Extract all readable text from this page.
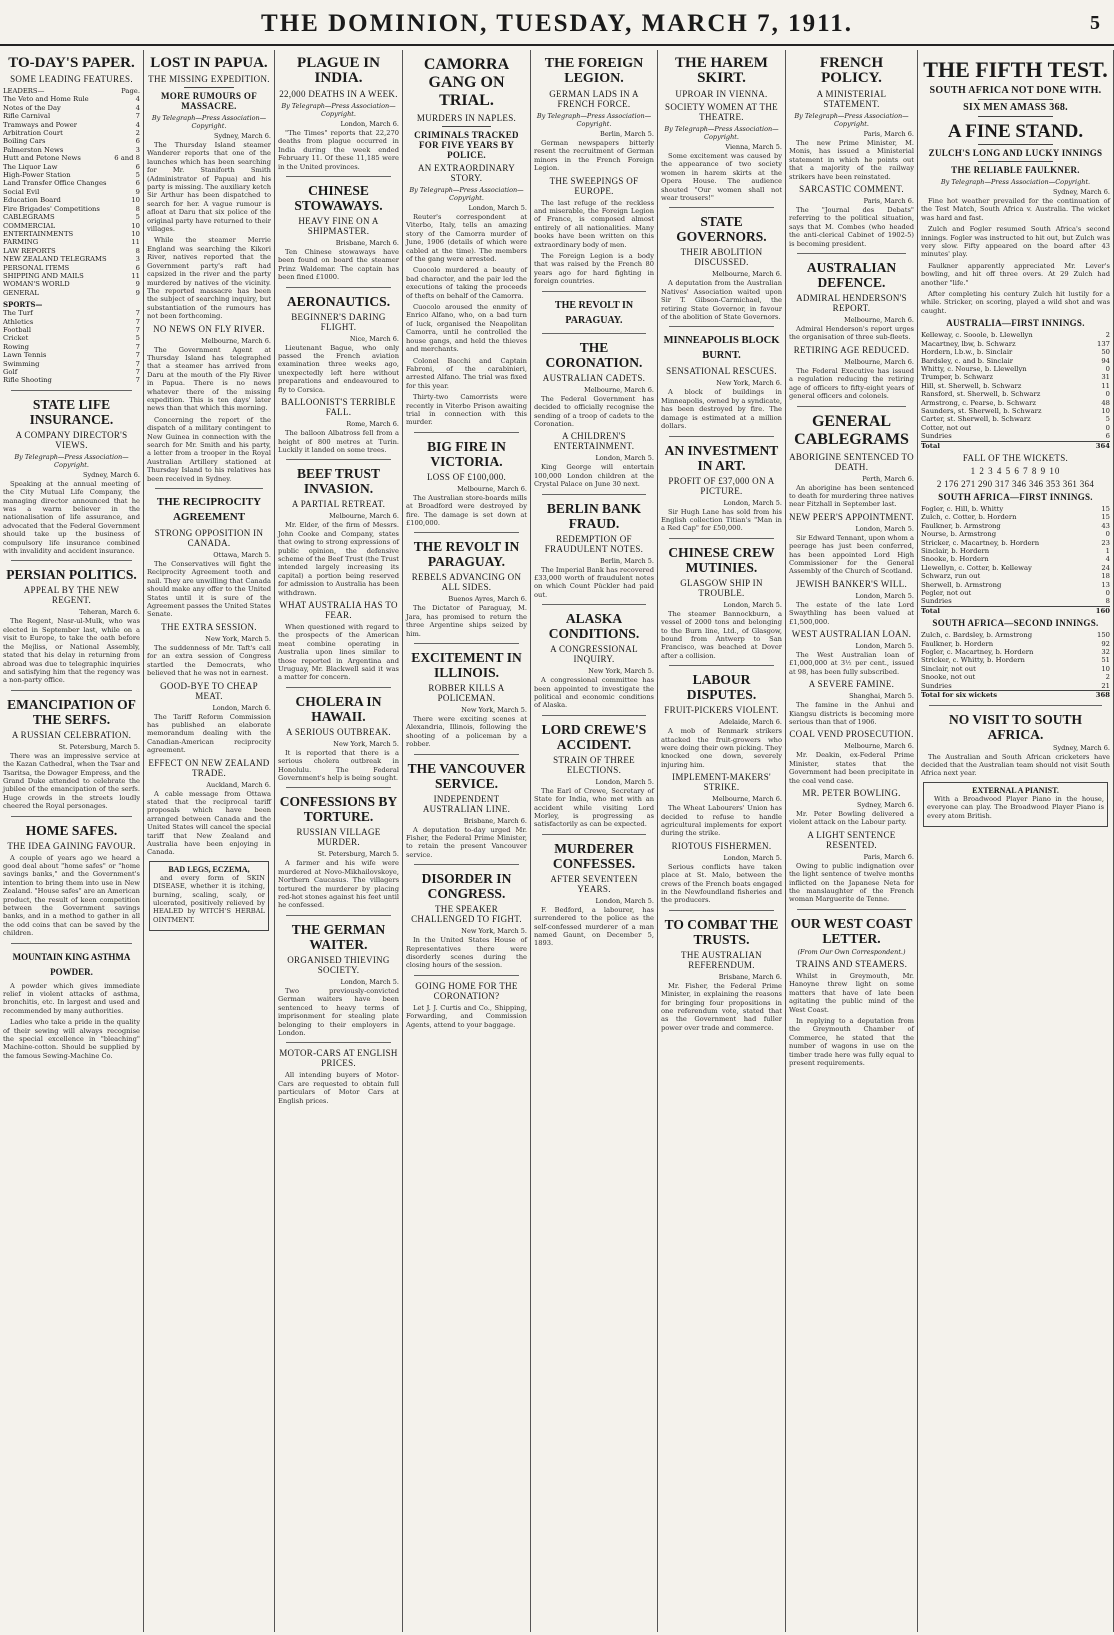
THE DOMINION, TUESDAY, MARCH 7, 1911.	5
TO-DAY'S PAPER.
SOME LEADING FEATURES.
LEADERS—	Page.
The Veto and Home Rule	4
Notes of the Day	4
Rifle Carnival	7
Tramways and Power	4
Arbitration Court	2
Boiling Cars	6
Palmerston News	3
Hutt and Petone News	6 and 8
The Liquor Law	6
High-Power Station	5
Land Transfer Office Changes	6
Social Evil	9
Education Board	10
Fire Brigades' Competitions	8
CABLEGRAMS	5
COMMERCIAL	10
ENTERTAINMENTS	10
FARMING	11
LAW REPORTS	8
NEW ZEALAND TELEGRAMS	3
PERSONAL ITEMS	6
SHIPPING AND MAILS	11
WOMAN'S WORLD	9
GENERAL	9
SPORTS—
The Turf	7
Athletics	7
Football	7
Cricket	5
Rowing	7
Lawn Tennis	7
Swimming	7
Golf	7
Rifle Shooting	7
STATE LIFE INSURANCE.
A COMPANY DIRECTOR'S VIEWS.
By Telegraph—Press Association—Copyright.
Sydney, March 6.

Speaking at the annual meeting of the City Mutual Life Company, the managing director announced that he was a warm believer in the nationalisation of life assurance, and advocated that the Federal Government should take up the business of compulsory life insurance combined with invalidity and accident insurance.

PERSIAN POLITICS.
APPEAL BY THE NEW REGENT.
Teheran, March 6.

The Regent, Nasr-ul-Mulk, who was elected in September last, while on a visit to Europe, to take the oath before the Mejliss, or National Assembly, stated that his delay in returning from abroad was due to telegraphic inquiries and satisfying him that the regency was a non-party office.

EMANCIPATION OF THE SERFS.
A RUSSIAN CELEBRATION.
St. Petersburg, March 5.

There was an impressive service at the Kazan Cathedral, when the Tsar and Tsaritsa, the Dowager Empress, and the Grand Duke attended to celebrate the jubilee of the emancipation of the serfs. Huge crowds in the streets loudly cheered the Royal personages.

HOME SAFES.
THE IDEA GAINING FAVOUR.

A couple of years ago we heard a good deal about "home safes" or "home savings banks," and the Government's intention to bring them into use in New Zealand. "House safes" are an American product, the result of keen competition between the Government savings banks, and in a method to gather in all the odd coins that can be saved by the children.

MOUNTAIN KING ASTHMA POWDER.

A powder which gives immediate relief in violent attacks of asthma, bronchitis, etc. In largest and used and recommended by many authorities.

Ladies who take a pride in the quality of their sewing will always recognise the special excellence in "bleaching" Machine-cotton. Should be supplied by the famous Sewing-Machine Co.

LOST IN PAPUA.
THE MISSING EXPEDITION.
MORE RUMOURS OF MASSACRE.
By Telegraph—Press Association—Copyright.
Sydney, March 6.

The Thursday Island steamer Wanderer reports that one of the launches which has been searching for Mr. Staniforth Smith (Administrator of Papua) and his party is missing. The auxiliary ketch Sir Arthur has been dispatched to search for her. A vague rumour is afloat at Daru that six police of the original party have returned to their villages.

While the steamer Merrie England was searching the Kikori River, natives reported that the Government party's raft had capsized in the river and the party murdered by natives of the vicinity. The reported massacre has been the subject of searching inquiry, but substantiation of the rumours has not been forthcoming.

NO NEWS ON FLY RIVER.
Melbourne, March 6.

The Government Agent at Thursday Island has telegraphed that a steamer has arrived from Daru at the mouth of the Fly River in Papua. There is no news whatever there of the missing expedition. This is ten days' later news than that which this morning.

Concerning the report of the dispatch of a military contingent to New Guinea in connection with the search for Mr. Smith and his party, a letter from a trooper in the Royal Australian Artillery stationed at Thursday Island to his relatives has been received in Sydney.

THE RECIPROCITY AGREEMENT
STRONG OPPOSITION IN CANADA.
Ottawa, March 5.

The Conservatives will fight the Reciprocity Agreement tooth and nail. They are unwilling that Canada should make any offer to the United States until it is sure of the Agreement passes the United States Senate.

THE EXTRA SESSION.
New York, March 5.

The suddenness of Mr. Taft's call for an extra session of Congress startled the Democrats, who believed that he was not in earnest.

GOOD-BYE TO CHEAP MEAT.
London, March 6.

The Tariff Reform Commission has published an elaborate memorandum dealing with the Canadian-American reciprocity agreement.

EFFECT ON NEW ZEALAND TRADE.
Auckland, March 6.

A cable message from Ottawa stated that the reciprocal tariff proposals which have been arranged between Canada and the United States will cancel the special tariff that New Zealand and Australia have been enjoying in Canada.

BAD LEGS, ECZEMA,

and every form of SKIN DISEASE, whether it is itching, burning, scaling, scaly, or ulcerated, positively relieved by HEALED by WITCH'S HERBAL OINTMENT.

PLAGUE IN INDIA.
22,000 DEATHS IN A WEEK.
By Telegraph—Press Association—Copyright.
London, March 6.

"The Times" reports that 22,270 deaths from plague occurred in India during the week ended February 11. Of these 11,185 were in the United provinces.

CHINESE STOWAWAYS.
HEAVY FINE ON A SHIPMASTER.
Brisbane, March 6.

Ten Chinese stowaways have been found on board the steamer Prinz Waldemar. The captain has been fined £1000.

AERONAUTICS.
BEGINNER'S DARING FLIGHT.
Nice, March 6.

Lieutenant Bague, who only passed the French aviation examination three weeks ago, unexpectedly left here without preparations and endeavoured to fly to Corsica.

BALLOONIST'S TERRIBLE FALL.
Rome, March 6.

The balloon Albatross fell from a height of 800 metres at Turin. Luckily it landed on some trees.

BEEF TRUST INVASION.
A PARTIAL RETREAT.
Melbourne, March 6.

Mr. Elder, of the firm of Messrs. John Cooke and Company, states that owing to strong expressions of public opinion, the defensive scheme of the Beef Trust (the Trust intended largely increasing its capital) a portion being reserved for admission to Australia has been withdrawn.

WHAT AUSTRALIA HAS TO FEAR.

When questioned with regard to the prospects of the American meat combine operating in Australia upon lines similar to those reported in Argentina and Uruguay, Mr. Blackwell said it was a matter for concern.

CHOLERA IN HAWAII.
A SERIOUS OUTBREAK.
New York, March 5.

It is reported that there is a serious cholera outbreak in Honolulu. The Federal Government's help is being sought.

CONFESSIONS BY TORTURE.
RUSSIAN VILLAGE MURDER.
St. Petersburg, March 5.

A farmer and his wife were murdered at Novo-Mikhailovskoye, Northern Caucasus. The villagers tortured the murderer by placing red-hot stones against his feet until he confessed.

THE GERMAN WAITER.
ORGANISED THIEVING SOCIETY.
London, March 5.

Two previously-convicted German waiters have been sentenced to heavy terms of imprisonment for stealing plate belonging to their employers in London.

MOTOR-CARS AT ENGLISH PRICES.

All intending buyers of Motor-Cars are requested to obtain full particulars of Motor Cars at English prices.

CAMORRA GANG ON TRIAL.
MURDERS IN NAPLES.
CRIMINALS TRACKED FOR FIVE YEARS BY POLICE.
AN EXTRAORDINARY STORY.
By Telegraph—Press Association—Copyright.
London, March 5.

Reuter's correspondent at Viterbo, Italy, tells an amazing story of the Camorra murder of June, 1906 (details of which were cabled at the time). The members of the gang were arrested.

Cuocolo murdered a beauty of bad character, and the pair led the executions of taking the proceeds of thefts on behalf of the Camorra.

Cuocolo aroused the enmity of Enrico Alfano, who, on a bad turn of luck, organised the Neapolitan Camorra, until he controlled the house gangs, and held the thieves and merchants.

Colonel Bacchi and Captain Fabroni, of the carabinieri, arrested Alfano. The trial was fixed for this year.

Thirty-two Camorrists were recently in Viterbo Prison awaiting trial in connection with this murder.

BIG FIRE IN VICTORIA.
LOSS OF £100,000.
Melbourne, March 6.

The Australian store-boards mills at Broadford were destroyed by fire. The damage is set down at £100,000.

THE REVOLT IN PARAGUAY.
REBELS ADVANCING ON ALL SIDES.
Buenos Ayres, March 6.

The Dictator of Paraguay, M. Jara, has promised to return the three Argentine ships seized by him.

EXCITEMENT IN ILLINOIS.
ROBBER KILLS A POLICEMAN.
New York, March 5.

There were exciting scenes at Alexandria, Illinois, following the shooting of a policeman by a robber.

THE VANCOUVER SERVICE.
INDEPENDENT AUSTRALIAN LINE.
Brisbane, March 6.

A deputation to-day urged Mr. Fisher, the Federal Prime Minister, to retain the present Vancouver service.

DISORDER IN CONGRESS.
THE SPEAKER CHALLENGED TO FIGHT.
New York, March 5.

In the United States House of Representatives there were disorderly scenes during the closing hours of the session.

GOING HOME FOR THE CORONATION?

Let J. J. Curtis and Co., Shipping, Forwarding, and Commission Agents, attend to your baggage.

THE FOREIGN LEGION.
GERMAN LADS IN A FRENCH FORCE.
By Telegraph—Press Association—Copyright.
Berlin, March 5.

German newspapers bitterly resent the recruitment of German minors in the French Foreign Legion.

THE SWEEPINGS OF EUROPE.

The last refuge of the reckless and miserable, the Foreign Legion of France, is composed almost entirely of all nationalities. Many books have been written on this extraordinary body of men.

The Foreign Legion is a body that was raised by the French 80 years ago for hard fighting in foreign countries.

THE REVOLT IN PARAGUAY.
THE CORONATION.
AUSTRALIAN CADETS.
Melbourne, March 6.

The Federal Government has decided to officially recognise the sending of a troop of cadets to the Coronation.

A CHILDREN'S ENTERTAINMENT.
London, March 5.

King George will entertain 100,000 London children at the Crystal Palace on June 30 next.

BERLIN BANK FRAUD.
REDEMPTION OF FRAUDULENT NOTES.
Berlin, March 5.

The Imperial Bank has recovered £33,000 worth of fraudulent notes on which Count Pückler had paid out.

ALASKA CONDITIONS.
A CONGRESSIONAL INQUIRY.
New York, March 5.

A congressional committee has been appointed to investigate the political and economic conditions of Alaska.

LORD CREWE'S ACCIDENT.
STRAIN OF THREE ELECTIONS.
London, March 5.

The Earl of Crewe, Secretary of State for India, who met with an accident while visiting Lord Morley, is progressing as satisfactorily as can be expected.

MURDERER CONFESSES.
AFTER SEVENTEEN YEARS.
London, March 5.

F. Bedford, a labourer, has surrendered to the police as the self-confessed murderer of a man named Gaunt, on December 5, 1893.

THE HAREM SKIRT.
UPROAR IN VIENNA.
SOCIETY WOMEN AT THE THEATRE.
By Telegraph—Press Association—Copyright.
Vienna, March 5.

Some excitement was caused by the appearance of two society women in harem skirts at the Opera House. The audience shouted "Our women shall not wear trousers!"

STATE GOVERNORS.
THEIR ABOLITION DISCUSSED.
Melbourne, March 6.

A deputation from the Australian Natives' Association waited upon Sir T. Gibson-Carmichael, the retiring State Governor, in favour of the abolition of State Governors.

MINNEAPOLIS BLOCK BURNT.
SENSATIONAL RESCUES.
New York, March 6.

A block of buildings in Minneapolis, owned by a syndicate, has been destroyed by fire. The damage is estimated at a million dollars.

AN INVESTMENT IN ART.
PROFIT OF £37,000 ON A PICTURE.
London, March 5.

Sir Hugh Lane has sold from his English collection Titian's "Man in a Red Cap" for £50,000.

CHINESE CREW MUTINIES.
GLASGOW SHIP IN TROUBLE.
London, March 5.

The steamer Bannockburn, a vessel of 2000 tons and belonging to the Burn line, Ltd., of Glasgow, bound from Antwerp to San Francisco, was beached at Dover after a collision.

LABOUR DISPUTES.
FRUIT-PICKERS VIOLENT.
Adelaide, March 6.

A mob of Renmark strikers attacked the fruit-growers who were doing their own picking. They knocked one down, severely injuring him.

IMPLEMENT-MAKERS' STRIKE.
Melbourne, March 6.

The Wheat Labourers' Union has decided to refuse to handle agricultural implements for export during the strike.

RIOTOUS FISHERMEN.
London, March 5.

Serious conflicts have taken place at St. Malo, between the crews of the French boats engaged in the Newfoundland fisheries and the producers.

TO COMBAT THE TRUSTS.
THE AUSTRALIAN REFERENDUM.
Brisbane, March 6.

Mr. Fisher, the Federal Prime Minister, in explaining the reasons for bringing four propositions in one referendum vote, stated that as the Government had fuller power over trade and commerce.

FRENCH POLICY.
A MINISTERIAL STATEMENT.
By Telegraph—Press Association—Copyright.
Paris, March 6.

The new Prime Minister, M. Monis, has issued a Ministerial statement in which he points out that a majority of the railway strikers have been reinstated.

SARCASTIC COMMENT.
Paris, March 6.

The "Journal des Debats" referring to the political situation, says that M. Combes (who headed the anti-clerical Cabinet of 1902-5) is becoming president.

AUSTRALIAN DEFENCE.
ADMIRAL HENDERSON'S REPORT.
Melbourne, March 6.

Admiral Henderson's report urges the organisation of three sub-fleets.

RETIRING AGE REDUCED.
Melbourne, March 6.

The Federal Executive has issued a regulation reducing the retiring age of officers to fifty-eight years of general officers and colonels.

GENERAL CABLEGRAMS
ABORIGINE SENTENCED TO DEATH.
Perth, March 6.

An aborigine has been sentenced to death for murdering three natives near Fitzhall in September last.

NEW PEER'S APPOINTMENT.
London, March 5.

Sir Edward Tennant, upon whom a peerage has just been conferred, has been appointed Lord High Commissioner for the General Assembly of the Church of Scotland.

JEWISH BANKER'S WILL.
London, March 5.

The estate of the late Lord Swaythling has been valued at £1,500,000.

WEST AUSTRALIAN LOAN.
London, March 5.

The West Australian loan of £1,000,000 at 3½ per cent., issued at 98, has been fully subscribed.

A SEVERE FAMINE.
Shanghai, March 5.

The famine in the Anhui and Kiangsu districts is becoming more serious than that of 1906.

COAL VEND PROSECUTION.
Melbourne, March 6.

Mr. Deakin, ex-Federal Prime Minister, states that the Government had been precipitate in the coal vend case.

MR. PETER BOWLING.
Sydney, March 6.

Mr. Peter Bowling delivered a violent attack on the Labour party.

A LIGHT SENTENCE RESENTED.
Paris, March 6.

Owing to public indignation over the light sentence of twelve months inflicted on the Japanese Neta for the manslaughter of the French woman Marguerite de Tenne.

OUR WEST COAST LETTER.
(From Our Own Correspondent.)
TRAINS AND STEAMERS.

Whilst in Greymouth, Mr. Hanoyne threw light on some matters that have of late been agitating the public mind of the West Coast.

In replying to a deputation from the Greymouth Chamber of Commerce, he stated that the number of wagons in use on the timber trade here was fully equal to present requirements.

THE FIFTH TEST.
SOUTH AFRICA NOT DONE WITH.
SIX MEN AMASS 368.
A FINE STAND.
ZULCH'S LONG AND LUCKY INNINGS
THE RELIABLE FAULKNER.
By Telegraph—Press Association—Copyright.
Sydney, March 6.

Fine hot weather prevailed for the continuation of the Test Match, South Africa v. Australia. The wicket was hard and fast.

Zulch and Fogler resumed South Africa's second innings. Fogler was instructed to hit out, but Zulch was very slow. Fifty appeared on the board after 43 minutes' play.

Faulkner apparently appreciated Mr. Lever's bowling, and hit off three overs. At 29 Zulch had another "life."

After completing his century Zulch hit lustily for a while. Stricker, on scoring, played a wild shot and was caught.

AUSTRALIA—FIRST INNINGS.
Kelleway, c. Sooole, b. Llewellyn	2
Macartney, lbw, b. Schwarz	137
Hordern, l.b.w., b. Sinclair	50
Bardsley, c. and b. Sinclair	94
Whitty, c. Nourse, b. Llewellyn	0
Trumper, b. Schwarz	31
Hill, st. Sherwell, b. Schwarz	11
Ransford, st. Sherwell, b. Schwarz	0
Armstrong, c. Pearse, b. Schwarz	48
Saunders, st. Sherwell, b. Schwarz	10
Carter, st. Sherwell, b. Schwarz	5
Cotter, not out	0
Sundries	6
Total	364
FALL OF THE WICKETS.
1 2 3 4 5 6 7 8 9 10
2 176 271 290 317 346 346 353 361 364
SOUTH AFRICA—FIRST INNINGS.
Fogler, c. Hill, b. Whitty	15
Zulch, c. Cotter, b. Hordern	15
Faulkner, b. Armstrong	43
Nourse, b. Armstrong	0
Stricker, c. Macartney, b. Hordern	23
Sinclair, b. Hordern	1
Snooke, b. Hordern	4
Llewellyn, c. Cotter, b. Kelleway	24
Schwarz, run out	18
Sherwell, b. Armstrong	13
Pegler, not out	0
Sundries	8
Total	160
SOUTH AFRICA—SECOND INNINGS.
Zulch, c. Bardsley, b. Armstrong	150
Faulkner, b. Hordern	92
Fogler, c. Macartney, b. Hordern	32
Stricker, c. Whitty, b. Hordern	51
Sinclair, not out	10
Snooke, not out	2
Sundries	21
Total for six wickets	368
NO VISIT TO SOUTH AFRICA.
Sydney, March 6.

The Australian and South African cricketers have decided that the Australian team should not visit South Africa next year.

EXTERNAL A PIANIST.

With a Broadwood Player Piano in the house, everyone can play. The Broadwood Player Piano is every atom British.
